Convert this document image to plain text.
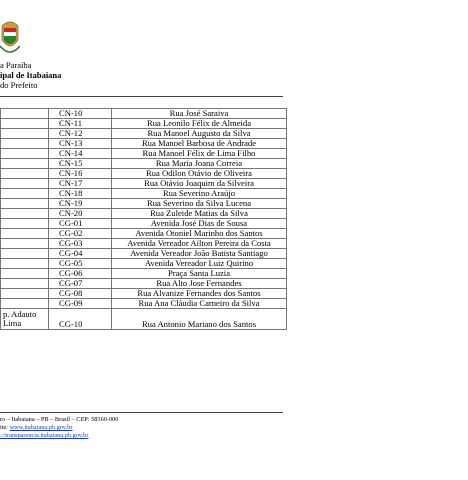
a Paraíba
ipal de Itabaiana
do Prefeito
	CN-10	Rua José Saraiva
	CN-11	Rua Leonilo Félix de Almeida
	CN-12	Rua Manoel Augusto da Silva
	CN-13	Rua Manoel Barbosa de Andrade
	CN-14	Rua Manoel Félix de Lima Filho
	CN-15	Rua Maria Joana Correia
	CN-16	Rua Odilon Otávio de Oliveira
	CN-17	Rua Otávio Joaquim da Silveira
	CN-18	Rua Severino Araújo
	CN-19	Rua Severino da Silva Lucena
	CN-20	Rua Zuleide Matias da Silva
	CG-01	Avenida José Dias de Sousa
	CG-02	Avenida Otoniel Marinho dos Santos
	CG-03	Avenida Vereador Ailton Pereira da Costa
	CG-04	Avenida Vereador João Batista Santiago
	CG-05	Avenida Vereador Luiz Quirino
	CG-06	Praça Santa Luzia
	CG-07	Rua Alto Jose Fernandes
	CG-08	Rua Alvanize Fernandes dos Santos
	CG-09	Rua Ana Cláudia Carneiro da Silva

p. Adauto
Lima	CG-10	Rua Antonio Mariano dos Santos
ro – Itabaiana – PB – Brasil – CEP: 58360-000
ite: www.itabaiana.pb.gov.br
://transparencia.itabaiana.pb.gov.br
